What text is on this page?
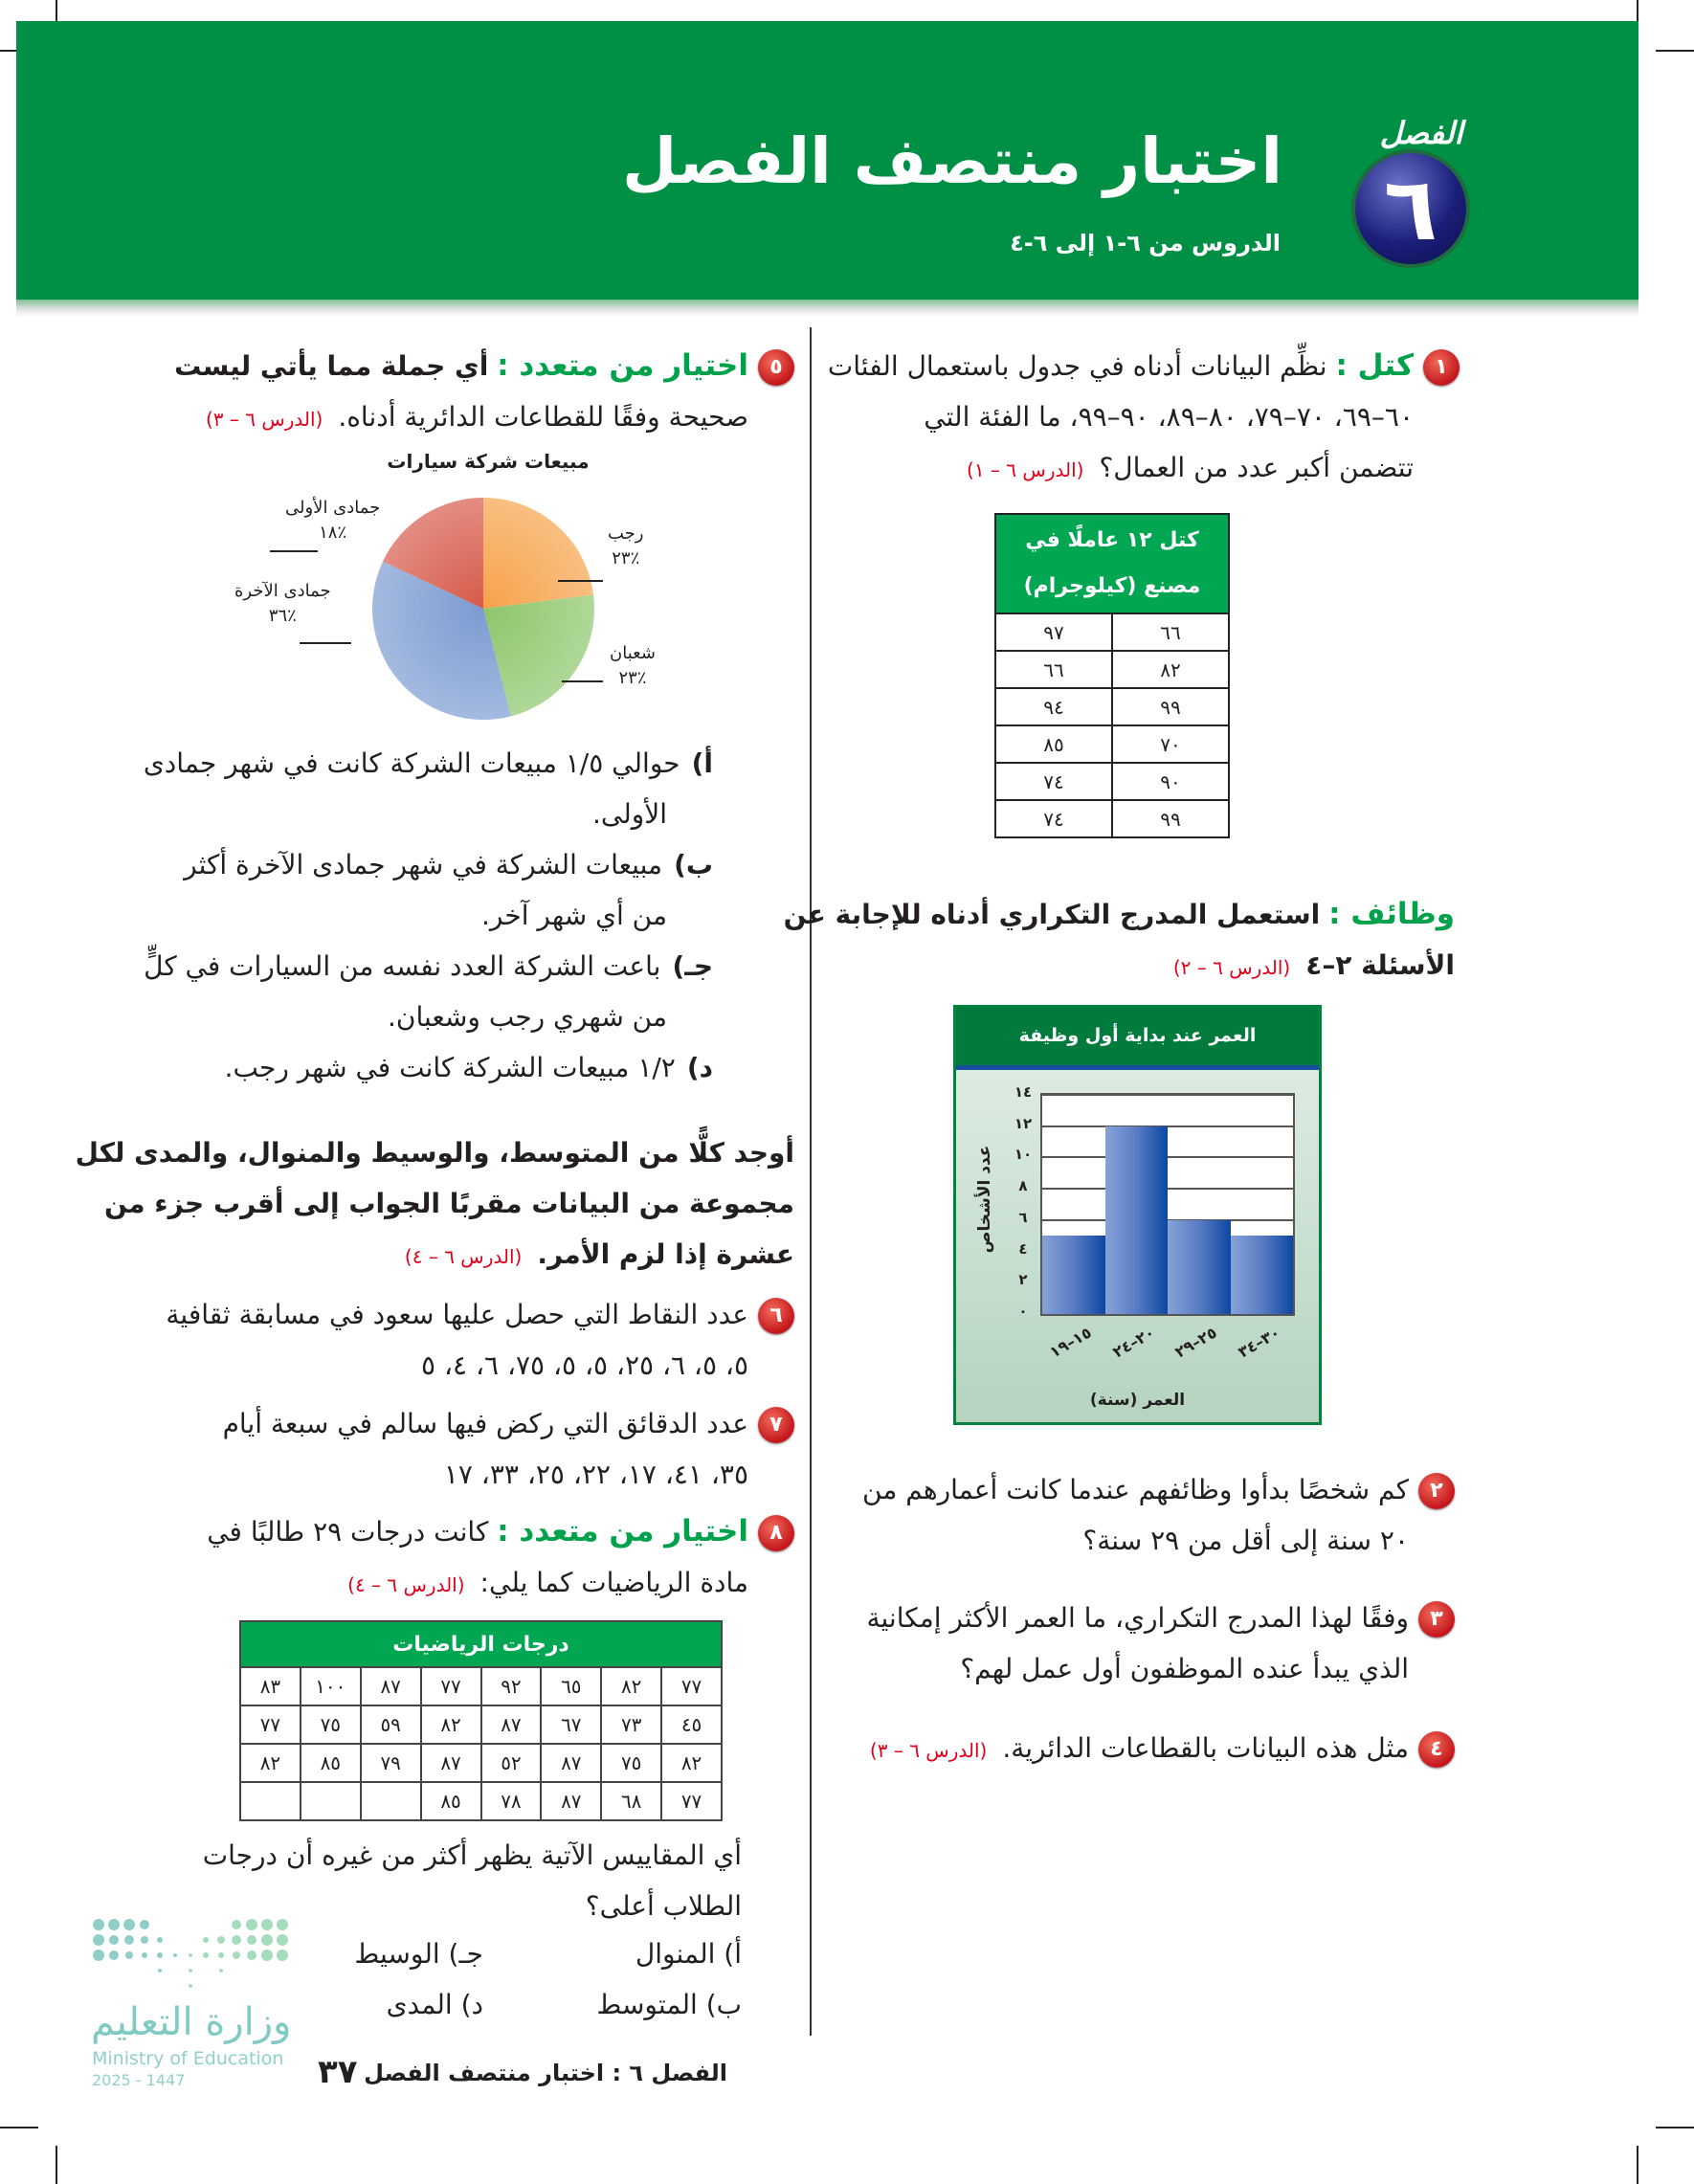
الفصل
٦
اختبار منتصف الفصل
الدروس من ٦-١ إلى ٦-٤
١كتل : نظِّم البيانات أدناه في جدول باستعمال الفئات
٦٠–٦٩، ٧٠–٧٩، ٨٠–٨٩، ٩٠–٩٩، ما الفئة التي
تتضمن أكبر عدد من العمال؟(الدرس ٦ – ١)
كتل ١٢ عاملًا في
مصنع (كيلوجرام)	

٦٦	٩٧
٨٢	٦٦
٩٩	٩٤
٧٠	٨٥
٩٠	٧٤
٩٩	٧٤
وظائف : استعمل المدرج التكراري أدناه للإجابة عن
الأسئلة ٢–٤(الدرس ٦ – ٢)
العمر عند بداية أول وظيفة
عدد الأشخاص
٠
٢
٤
٦
٨
١٠
١٢
١٤
١٥–١٩
٢٠–٢٤
٢٥–٢٩
٣٠–٣٤
العمر (سنة)
٢كم شخصًا بدأوا وظائفهم عندما كانت أعمارهم من
٢٠ سنة إلى أقل من ٢٩ سنة؟
٣وفقًا لهذا المدرج التكراري، ما العمر الأكثر إمكانية
الذي يبدأ عنده الموظفون أول عمل لهم؟
٤مثل هذه البيانات بالقطاعات الدائرية.(الدرس ٦ – ٣)
٥اختيار من متعدد : أي جملة مما يأتي ليست
صحيحة وفقًا للقطاعات الدائرية أدناه.(الدرس ٦ – ٣)
مبيعات شركة سيارات
رجب
٪٢٣
شعبان
٪٢٣
جمادى الآخرة
٪٣٦
جمادى الأولى
٪١٨
أ)حوالي ١/٥ مبيعات الشركة كانت في شهر جمادى
الأولى.
ب)مبيعات الشركة في شهر جمادى الآخرة أكثر
من أي شهر آخر.
جـ)باعت الشركة العدد نفسه من السيارات في كلٍّ
من شهري رجب وشعبان.
د)١/٢ مبيعات الشركة كانت في شهر رجب.
أوجد كلًّا من المتوسط، والوسيط والمنوال، والمدى لكل
مجموعة من البيانات مقربًا الجواب إلى أقرب جزء من
عشرة إذا لزم الأمر.(الدرس ٦ – ٤)
٦عدد النقاط التي حصل عليها سعود في مسابقة ثقافية
٥، ٥، ٦، ٢٥، ٥، ٥، ٧٥، ٦، ٤، ٥
٧عدد الدقائق التي ركض فيها سالم في سبعة أيام
٣٥، ٤١، ١٧، ٢٢، ٢٥، ٣٣، ١٧
٨اختيار من متعدد : كانت درجات ٢٩ طالبًا في
مادة الرياضيات كما يلي:(الدرس ٦ – ٤)
درجات الرياضيات							
٧٧	٨٢	٦٥	٩٢	٧٧	٨٧	١٠٠	٨٣
٤٥	٧٣	٦٧	٨٧	٨٢	٥٩	٧٥	٧٧
٨٢	٧٥	٨٧	٥٢	٨٧	٧٩	٨٥	٨٢
٧٧	٦٨	٨٧	٧٨	٨٥			
أي المقاييس الآتية يظهر أكثر من غيره أن درجات
الطلاب أعلى؟
أ) المنوال
ب) المتوسط
جـ) الوسيط
د) المدى
وزارة التعليم
Ministry of Education
2025 - 1447	الفصل ٦ : اختبار منتصف الفصل
٣٧
